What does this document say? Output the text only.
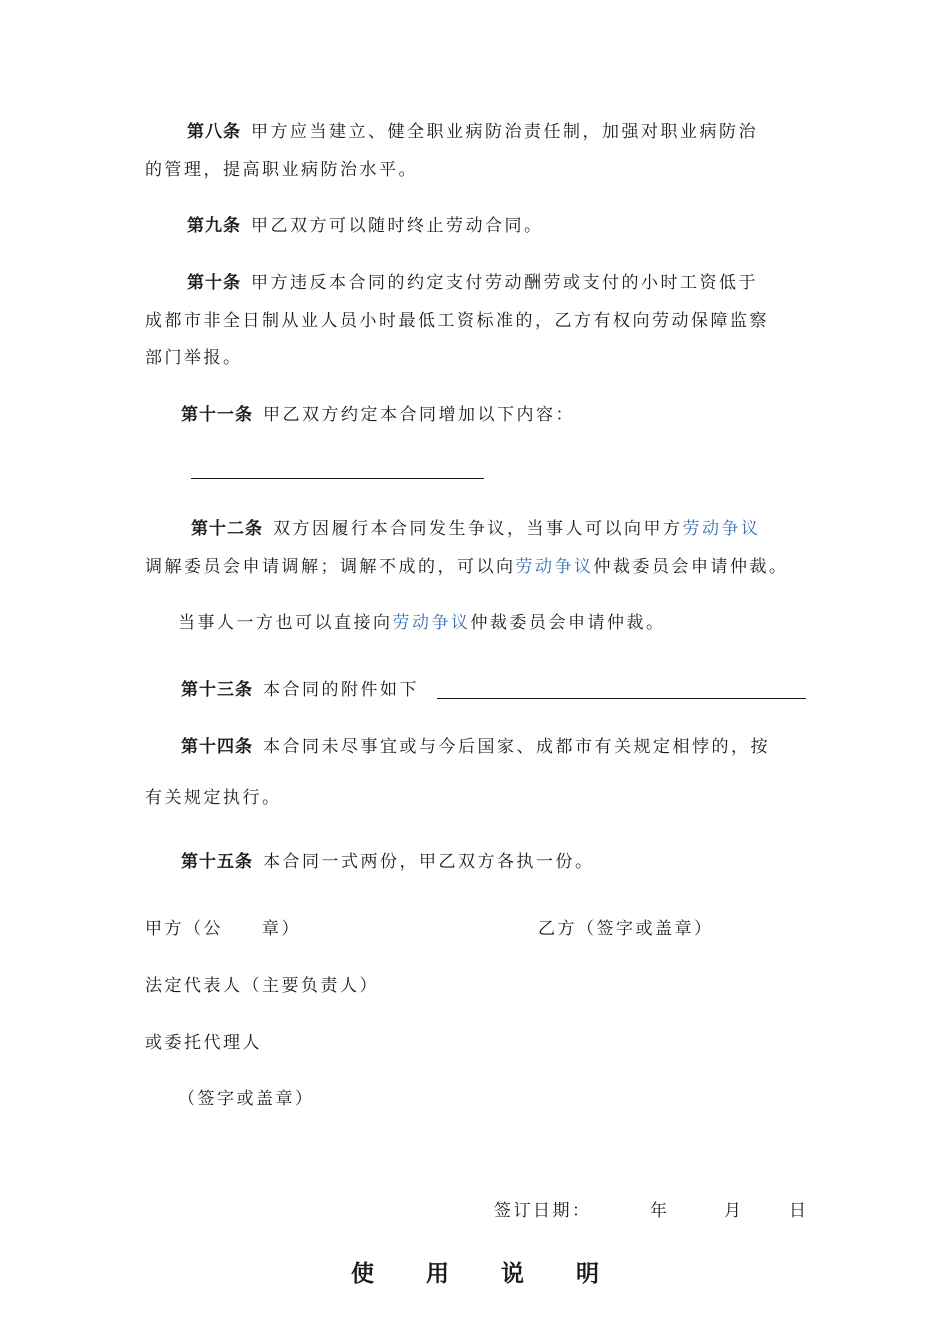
第八条 甲方应当建立、健全职业病防治责任制，加强对职业病防治
的管理，提高职业病防治水平。
第九条 甲乙双方可以随时终止劳动合同。
第十条 甲方违反本合同的约定支付劳动酬劳或支付的小时工资低于
成都市非全日制从业人员小时最低工资标准的，乙方有权向劳动保障监察
部门举报。
第十一条 甲乙双方约定本合同增加以下内容：
第十二条 双方因履行本合同发生争议，当事人可以向甲方劳动争议
调解委员会申请调解；调解不成的，可以向劳动争议仲裁委员会申请仲裁。
当事人一方也可以直接向劳动争议仲裁委员会申请仲裁。
第十三条 本合同的附件如下
第十四条 本合同未尽事宜或与今后国家、成都市有关规定相悖的，按
有关规定执行。
第十五条 本合同一式两份，甲乙双方各执一份。
甲方（公　　章）	乙方（签字或盖章）
法定代表人（主要负责人）
或委托代理人
（签字或盖章）
签订日期：	年	月	日
使用说明
